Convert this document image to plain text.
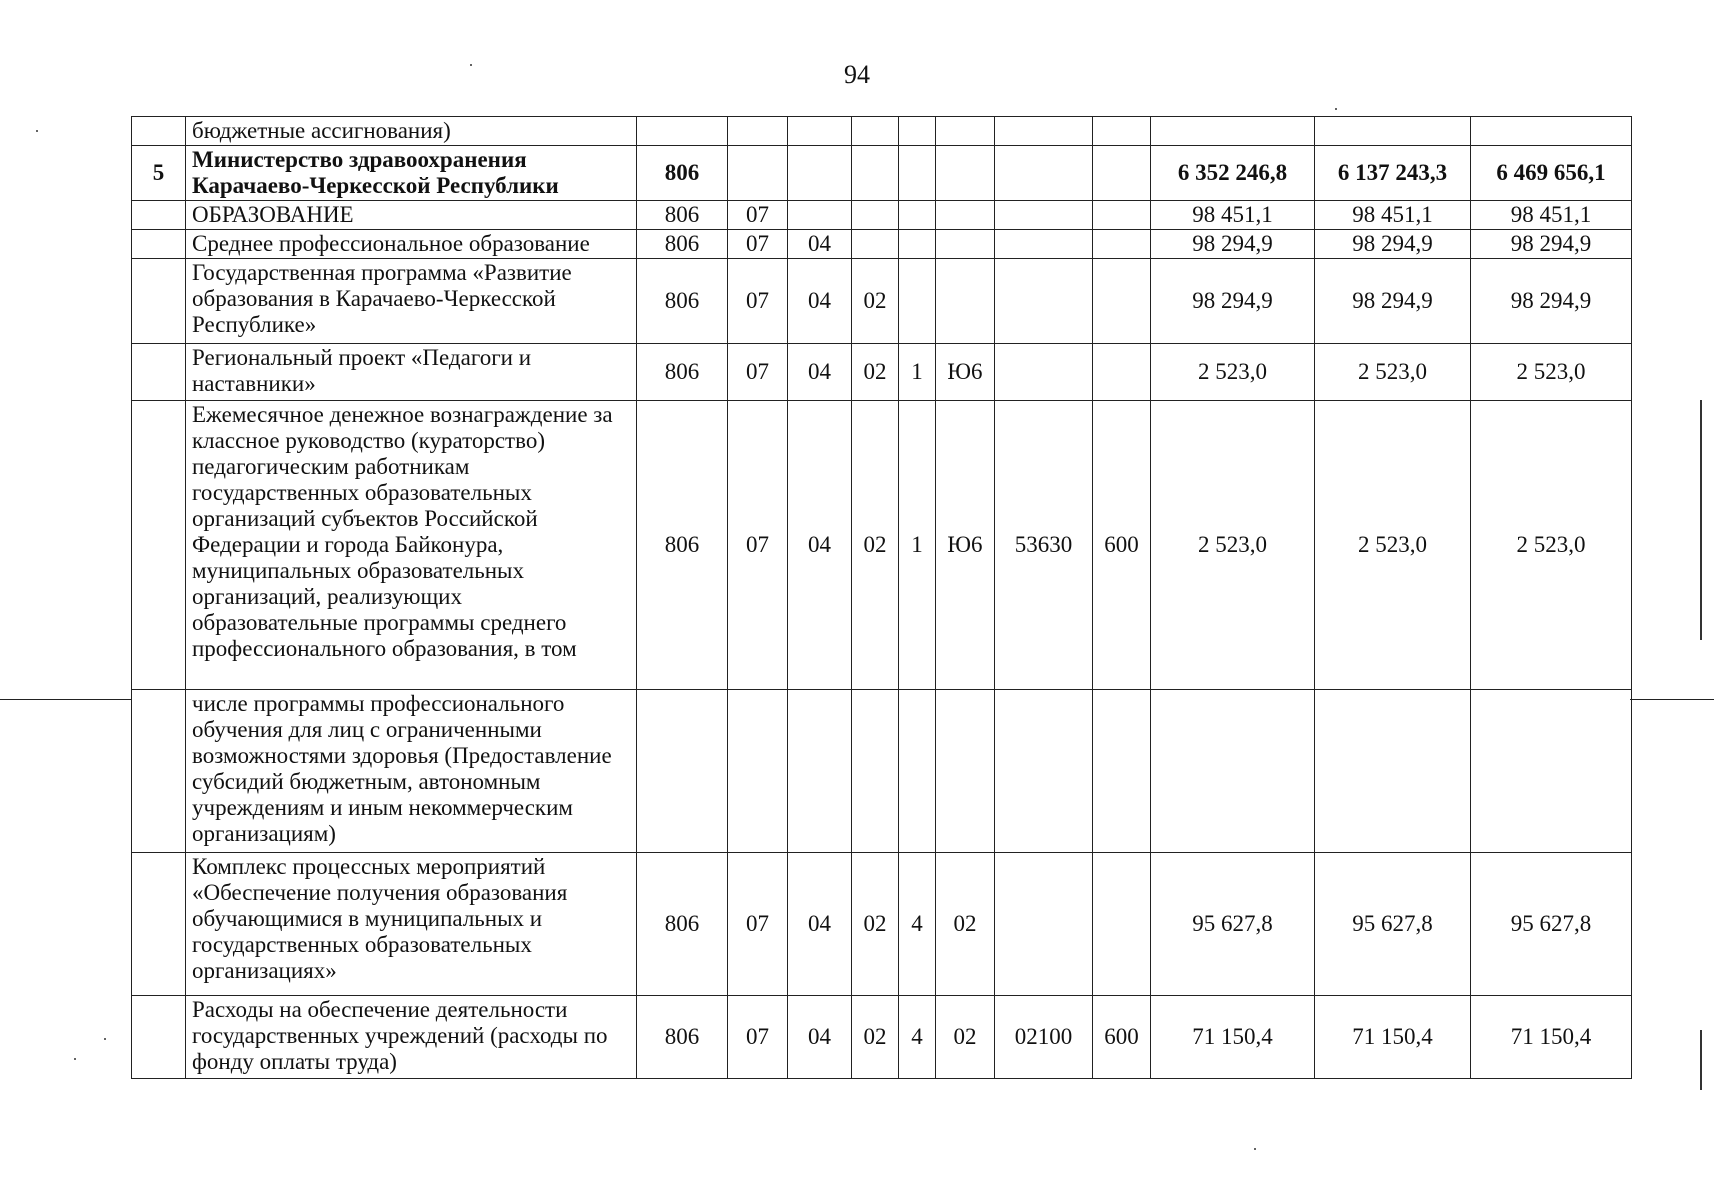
94
	бюджетные ассигнования)											
5	Министерство здравоохранения Карачаево-Черкесской Республики	806								6 352 246,8	6 137 243,3	6 469 656,1
	ОБРАЗОВАНИЕ	806	07							98 451,1	98 451,1	98 451,1
	Среднее профессиональное образование	806	07	04						98 294,9	98 294,9	98 294,9
	Государственная программа «Развитие образования в Карачаево-Черкесской Республике»	806	07	04	02					98 294,9	98 294,9	98 294,9
	Региональный проект «Педагоги и наставники»	806	07	04	02	1	Ю6			2 523,0	2 523,0	2 523,0
	Ежемесячное денежное вознаграждение за классное руководство (кураторство) педагогическим работникам государственных образовательных организаций субъектов Российской Федерации и города Байконура, муниципальных образовательных организаций, реализующих образовательные программы среднего профессионального образования, в том	806	07	04	02	1	Ю6	53630	600	2 523,0	2 523,0	2 523,0
	числе программы профессионального обучения для лиц с ограниченными возможностями здоровья (Предоставление субсидий бюджетным, автономным учреждениям и иным некоммерческим организациям)											
	Комплекс процессных мероприятий «Обеспечение получения образования обучающимися в муниципальных и государственных образовательных организациях»	806	07	04	02	4	02			95 627,8	95 627,8	95 627,8
	Расходы на обеспечение деятельности государственных учреждений (расходы по фонду оплаты труда)	806	07	04	02	4	02	02100	600	71 150,4	71 150,4	71 150,4
